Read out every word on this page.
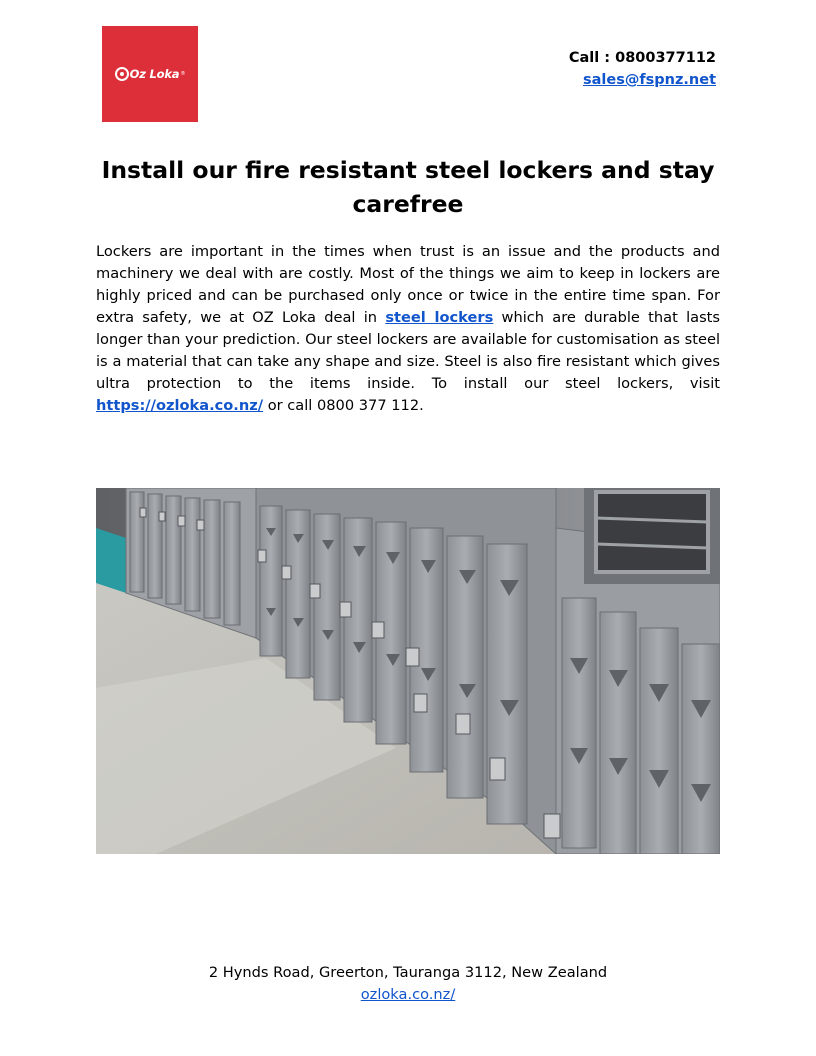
Oz Loka ®
Call : 0800377112
sales@fspnz.net
Install our fire resistant steel lockers and stay carefree

Lockers are important in the times when trust is an issue and the products and machinery we deal with are costly. Most of the things we aim to keep in lockers are highly priced and can be purchased only once or twice in the entire time span. For extra safety, we at OZ Loka deal in steel lockers which are durable that lasts longer than your prediction. Our steel lockers are available for customisation as steel is a material that can take any shape and size. Steel is also fire resistant which gives ultra protection to the items inside. To install our steel lockers, visit https://ozloka.co.nz/ or call 0800 377 112.

2 Hynds Road, Greerton, Tauranga 3112, New Zealand
ozloka.co.nz/
